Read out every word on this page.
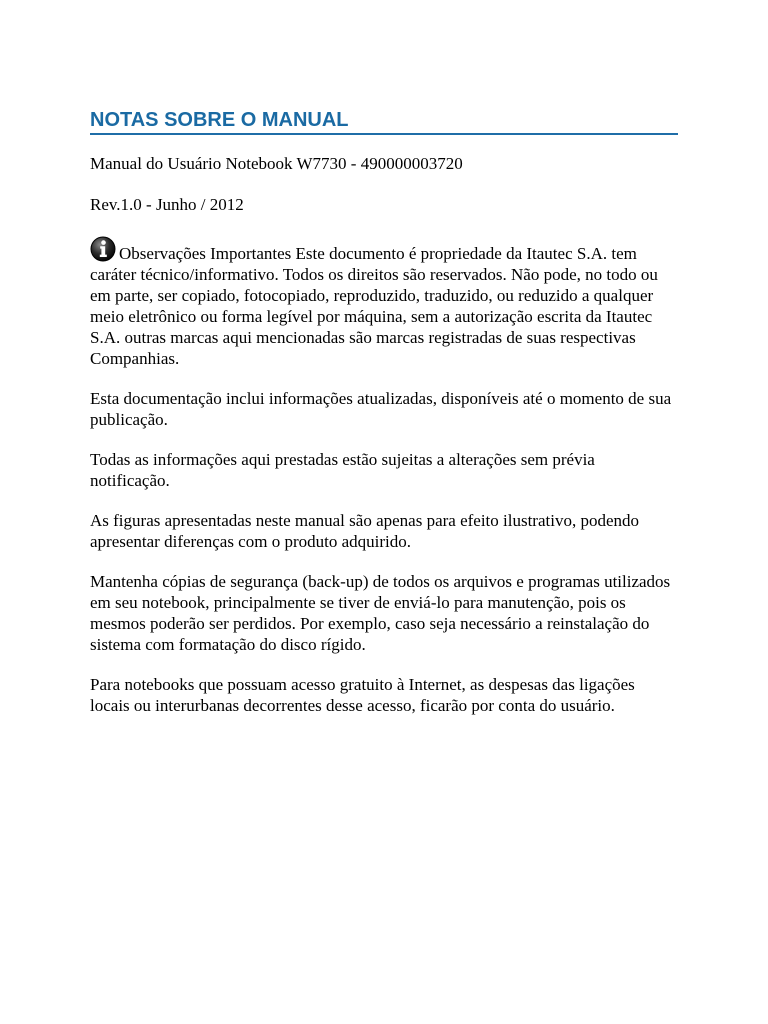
NOTAS SOBRE O MANUAL

Manual do Usuário Notebook W7730 - 490000003720

Rev.1.0 - Junho / 2012

Observações Importantes Este documento é propriedade da Itautec S.A. tem caráter técnico/informativo. Todos os direitos são reservados. Não pode, no todo ou em parte, ser copiado, fotocopiado, reproduzido, traduzido, ou reduzido a qualquer meio eletrônico ou forma legível por máquina, sem a autorização escrita da Itautec S.A. outras marcas aqui mencionadas são marcas registradas de suas respectivas Companhias.

Esta documentação inclui informações atualizadas, disponíveis até o momento de sua publicação.

Todas as informações aqui prestadas estão sujeitas a alterações sem prévia notificação.

As figuras apresentadas neste manual são apenas para efeito ilustrativo, podendo apresentar diferenças com o produto adquirido.

Mantenha cópias de segurança (back-up) de todos os arquivos e programas utilizados em seu notebook, principalmente se tiver de enviá-lo para manutenção, pois os mesmos poderão ser perdidos. Por exemplo, caso seja necessário a reinstalação do sistema com formatação do disco rígido.

Para notebooks que possuam acesso gratuito à Internet, as despesas das ligações locais ou interurbanas decorrentes desse acesso, ficarão por conta do usuário.
